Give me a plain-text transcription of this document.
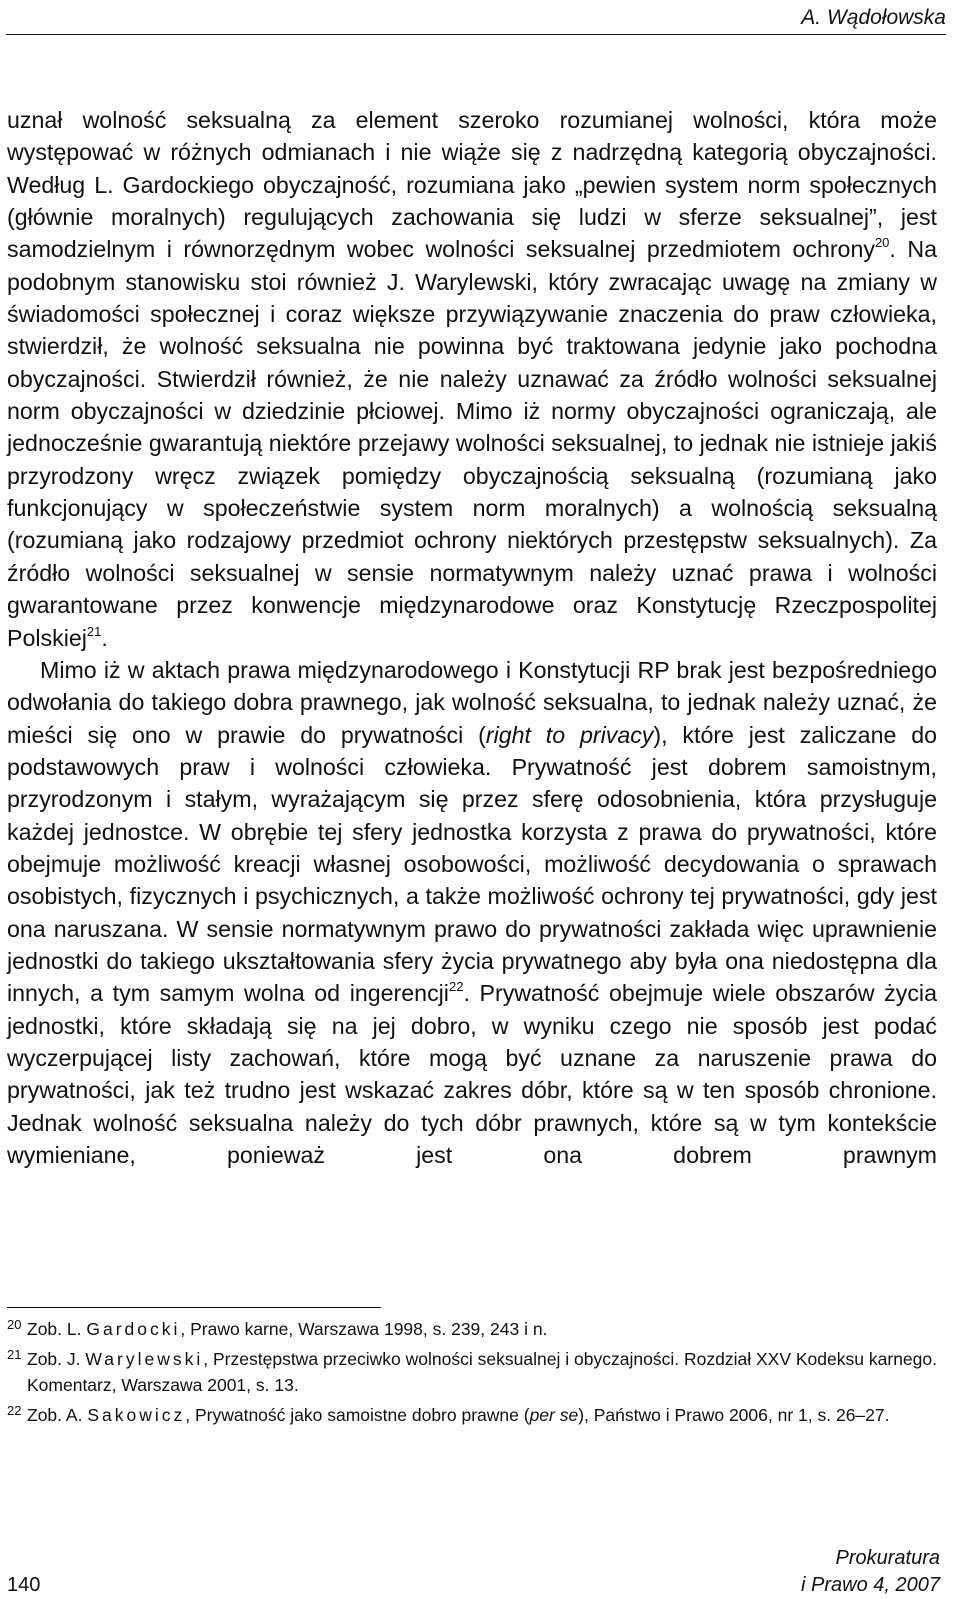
A. Wądołowska

uznał wolność seksualną za element szeroko rozumianej wolności, która może występować w różnych odmianach i nie wiąże się z nadrzędną kategorią obyczajności. Według L. Gardockiego obyczajność, rozumiana jako „pewien system norm społecznych (głównie moralnych) regulujących zachowania się ludzi w sferze seksualnej”, jest samodzielnym i równorzędnym wobec wolności seksualnej przedmiotem ochrony$^{20}$. Na podobnym stanowisku stoi również J. Warylewski, który zwracając uwagę na zmiany w świadomości społecznej i coraz większe przywiązywanie znaczenia do praw człowieka, stwierdził, że wolność seksualna nie powinna być traktowana jedynie jako pochodna obyczajności. Stwierdził również, że nie należy uznawać za źródło wolności seksualnej norm obyczajności w dziedzinie płciowej. Mimo iż normy obyczajności ograniczają, ale jednocześnie gwarantują niektóre przejawy wolności seksualnej, to jednak nie istnieje jakiś przyrodzony wręcz związek pomiędzy obyczajnością seksualną (rozumianą jako funkcjonujący w społeczeństwie system norm moralnych) a wolnością seksualną (rozumianą jako rodzajowy przedmiot ochrony niektórych przestępstw seksualnych). Za źródło wolności seksualnej w sensie normatywnym należy uznać prawa i wolności gwarantowane przez konwencje międzynarodowe oraz Konstytucję Rzeczpospolitej Polskiej$^{21}$.

Mimo iż w aktach prawa międzynarodowego i Konstytucji RP brak jest bezpośredniego odwołania do takiego dobra prawnego, jak wolność seksualna, to jednak należy uznać, że mieści się ono w prawie do prywatności (right to privacy), które jest zaliczane do podstawowych praw i wolności człowieka. Prywatność jest dobrem samoistnym, przyrodzonym i stałym, wyrażającym się przez sferę odosobnienia, która przysługuje każdej jednostce. W obrębie tej sfery jednostka korzysta z prawa do prywatności, które obejmuje możliwość kreacji własnej osobowości, możliwość decydowania o sprawach osobistych, fizycznych i psychicznych, a także możliwość ochrony tej prywatności, gdy jest ona naruszana. W sensie normatywnym prawo do prywatności zakłada więc uprawnienie jednostki do takiego ukształtowania sfery życia prywatnego aby była ona niedostępna dla innych, a tym samym wolna od ingerencji$^{22}$. Prywatność obejmuje wiele obszarów życia jednostki, które składają się na jej dobro, w wyniku czego nie sposób jest podać wyczerpującej listy zachowań, które mogą być uznane za naruszenie prawa do prywatności, jak też trudno jest wskazać zakres dóbr, które są w ten sposób chronione. Jednak wolność seksualna należy do tych dóbr prawnych, które są w tym kontekście wymieniane, ponieważ jest ona dobrem prawnym

20 Zob. L. Gardocki, Prawo karne, Warszawa 1998, s. 239, 243 i n.

21 Zob. J. Warylewski, Przestępstwa przeciwko wolności seksualnej i obyczajności. Rozdział XXV Kodeksu karnego. Komentarz, Warszawa 2001, s. 13.

22 Zob. A. Sakowicz, Prywatność jako samoistne dobro prawne (per se), Państwo i Prawo 2006, nr 1, s. 26–27.

140
Prokuratura
i Prawo 4, 2007
